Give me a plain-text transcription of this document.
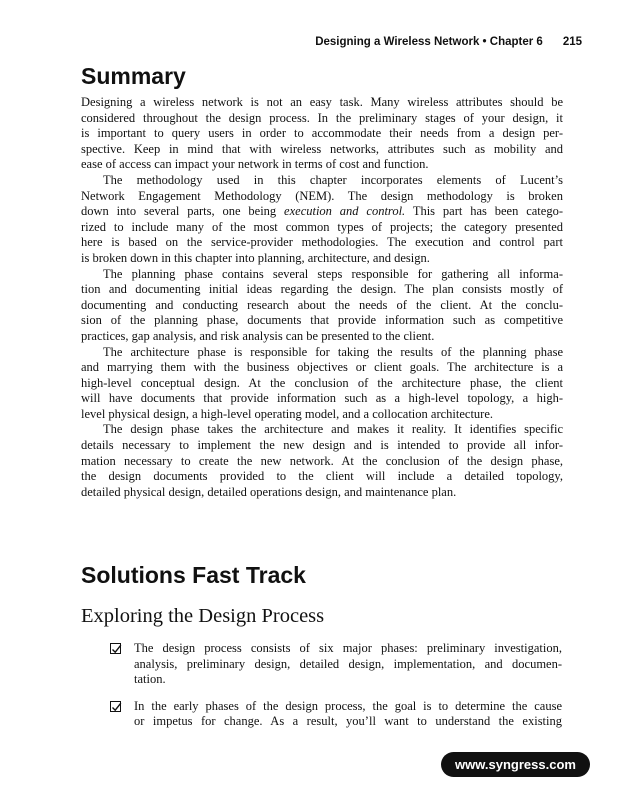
Designing a Wireless Network • Chapter 6 215
Summary
Designing a wireless network is not an easy task. Many wireless attributes should be
considered throughout the design process. In the preliminary stages of your design, it
is important to query users in order to accommodate their needs from a design per-
spective. Keep in mind that with wireless networks, attributes such as mobility and
ease of access can impact your network in terms of cost and function.
The methodology used in this chapter incorporates elements of Lucent’s
Network Engagement Methodology (NEM). The design methodology is broken
down into several parts, one being execution and control. This part has been catego-
rized to include many of the most common types of projects; the category presented
here is based on the service-provider methodologies. The execution and control part
is broken down in this chapter into planning, architecture, and design.
The planning phase contains several steps responsible for gathering all informa-
tion and documenting initial ideas regarding the design. The plan consists mostly of
documenting and conducting research about the needs of the client. At the conclu-
sion of the planning phase, documents that provide information such as competitive
practices, gap analysis, and risk analysis can be presented to the client.
The architecture phase is responsible for taking the results of the planning phase
and marrying them with the business objectives or client goals. The architecture is a
high-level conceptual design. At the conclusion of the architecture phase, the client
will have documents that provide information such as a high-level topology, a high-
level physical design, a high-level operating model, and a collocation architecture.
The design phase takes the architecture and makes it reality. It identifies specific
details necessary to implement the new design and is intended to provide all infor-
mation necessary to create the new network. At the conclusion of the design phase,
the design documents provided to the client will include a detailed topology,
detailed physical design, detailed operations design, and maintenance plan.
Solutions Fast Track
Exploring the Design Process
The design process consists of six major phases: preliminary investigation,
analysis, preliminary design, detailed design, implementation, and documen-
tation.
In the early phases of the design process, the goal is to determine the cause
or impetus for change. As a result, you’ll want to understand the existing
www.syngress.com
